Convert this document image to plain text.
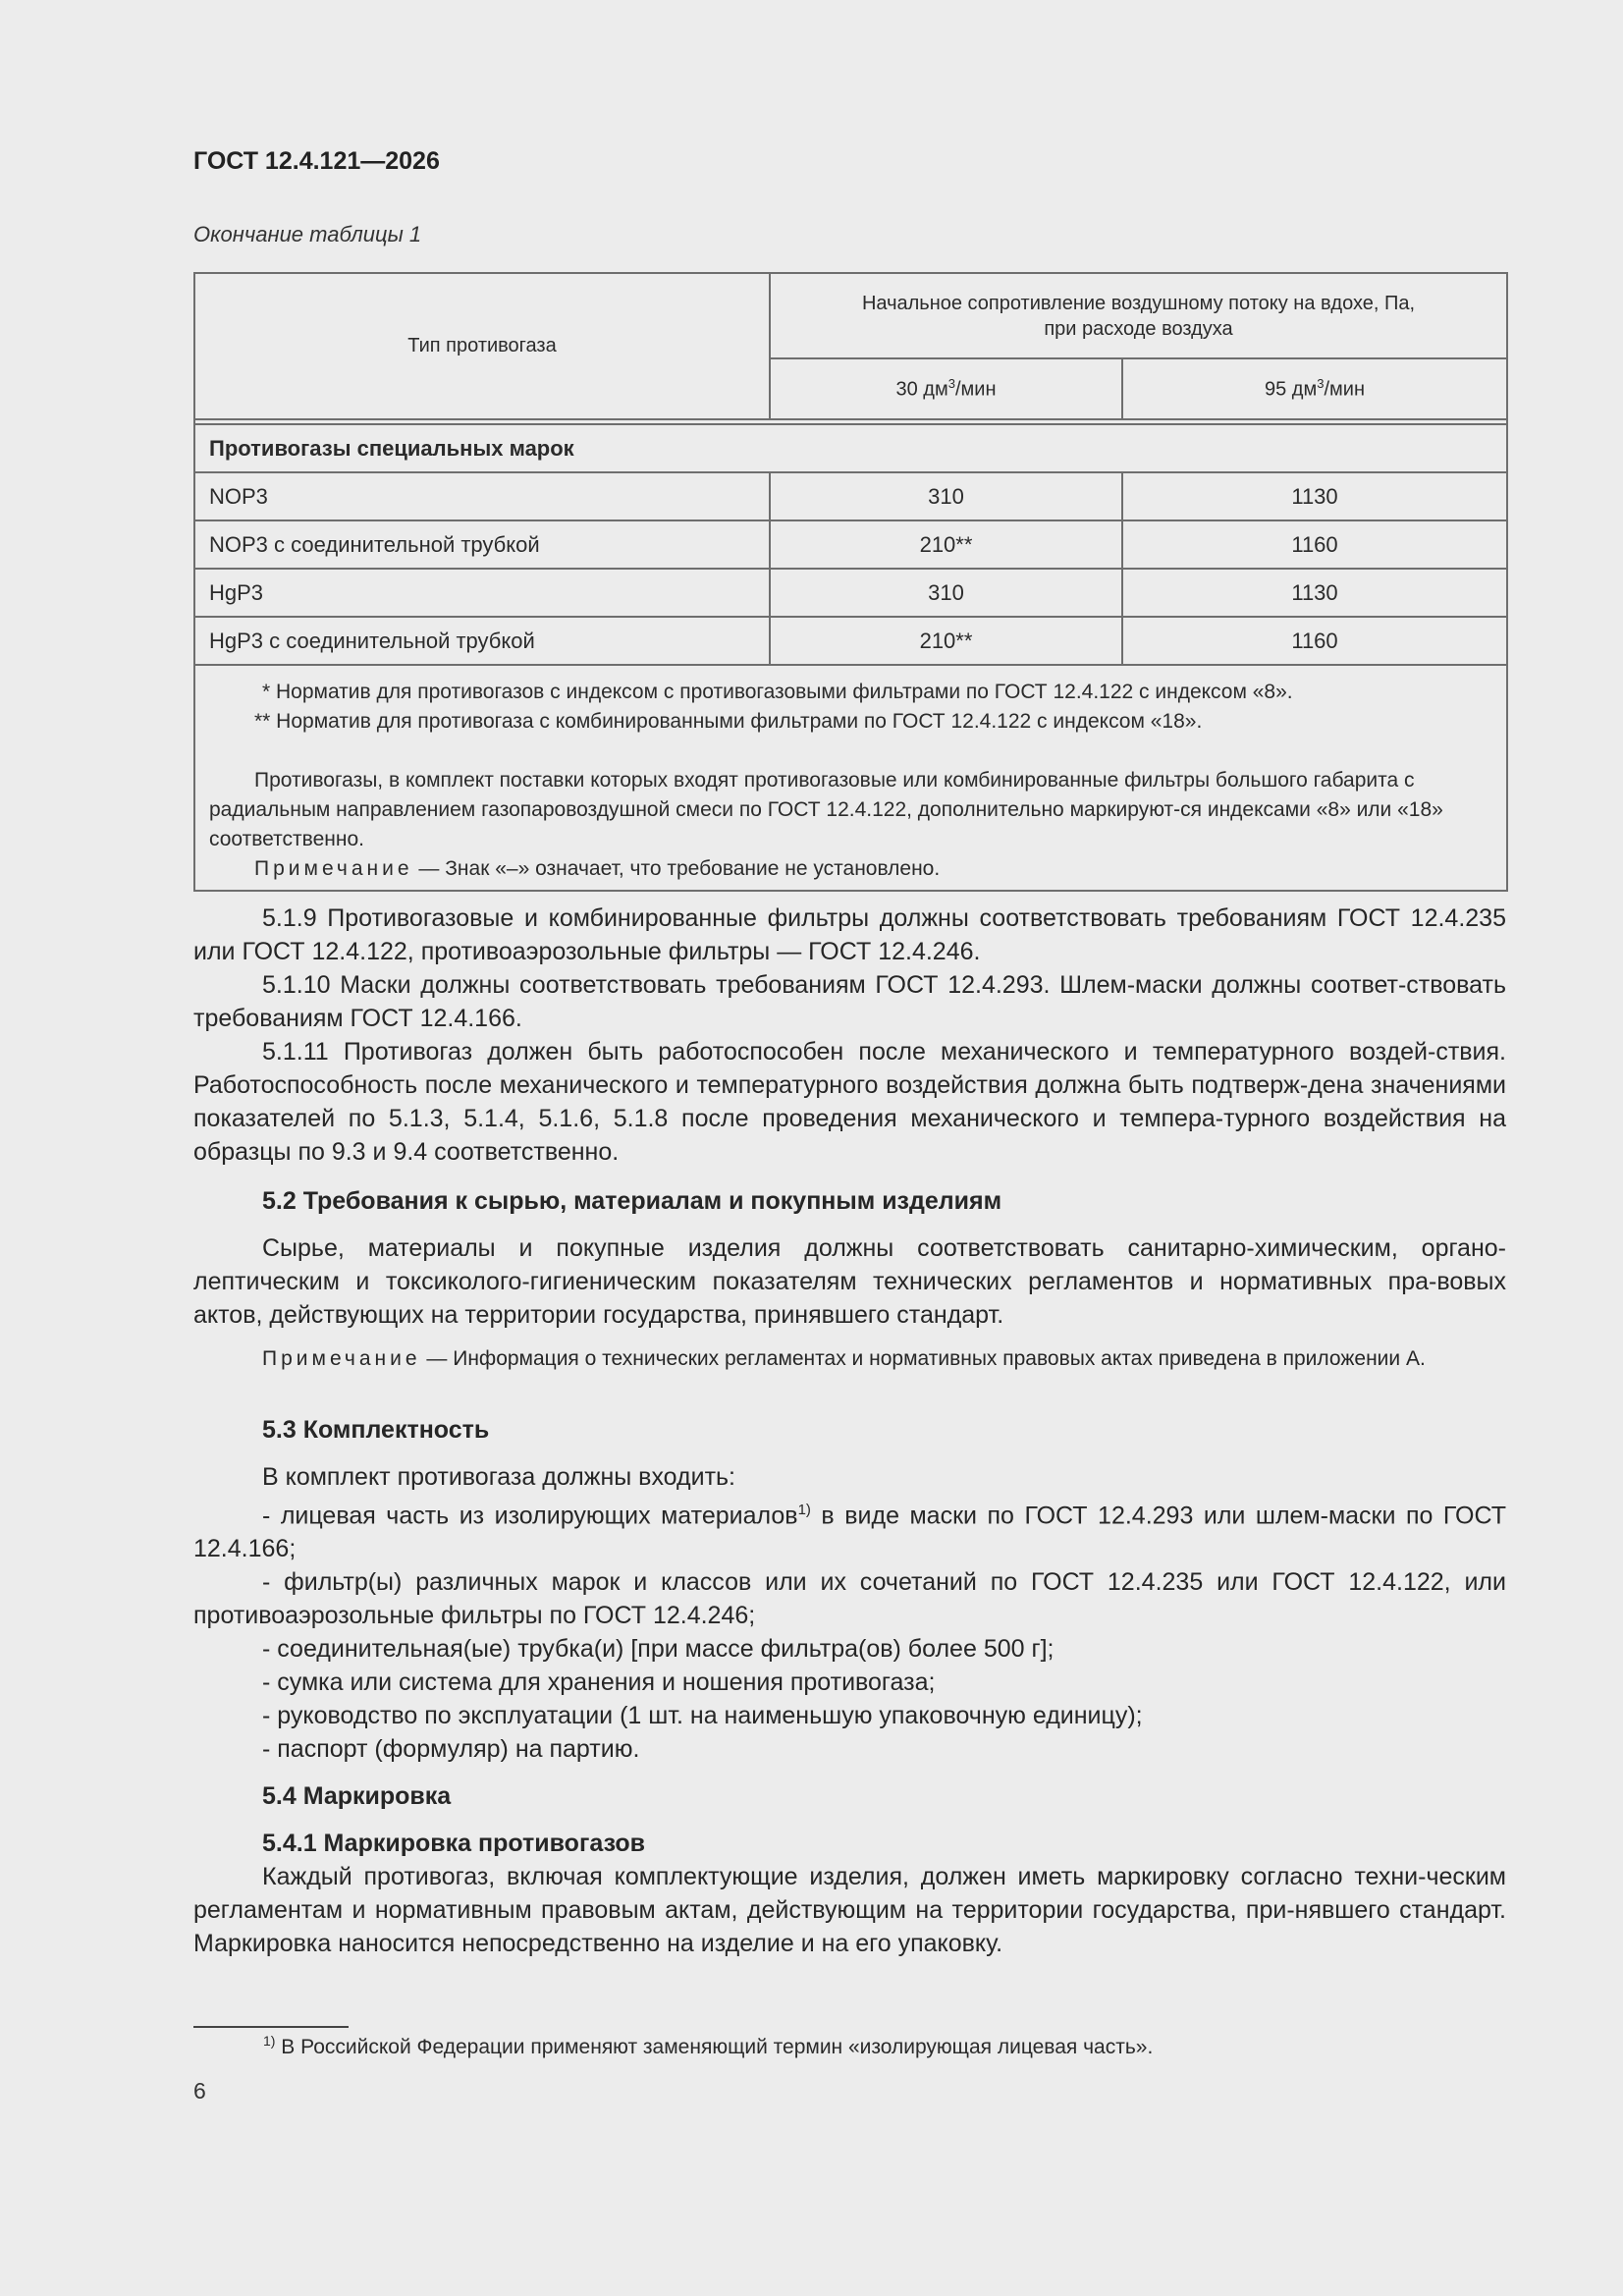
ГОСТ 12.4.121—2026
Окончание таблицы 1
Тип противогаза	Начальное сопротивление воздушному потоку на вдохе, Па,
при расходе воздуха	

	30 $дм^3$/мин	95 $дм^3$/мин

Противогазы специальных марок		
NOP3	310	1130
NOP3 с соединительной трубкой	210**	1160
HgP3	310	1130
HgP3 с соединительной трубкой	210**	1160

* Норматив для противогазов с индексом с противогазовыми фильтрами по ГОСТ 12.4.122 с индексом «8».

** Норматив для противогаза с комбинированными фильтрами по ГОСТ 12.4.122 с индексом «18».

Противогазы, в комплект поставки которых входят противогазовые или комбинированные фильтры большого габарита с радиальным направлением газопаровоздушной смеси по ГОСТ 12.4.122, дополнительно маркируют-ся индексами «8» или «18» соответственно.

Примечание — Знак «–» означает, что требование не установлено.		

5.1.9 Противогазовые и комбинированные фильтры должны соответствовать требованиям ГОСТ 12.4.235 или ГОСТ 12.4.122, противоаэрозольные фильтры — ГОСТ 12.4.246.

5.1.10 Маски должны соответствовать требованиям ГОСТ 12.4.293. Шлем-маски должны соответ-ствовать требованиям ГОСТ 12.4.166.

5.1.11 Противогаз должен быть работоспособен после механического и температурного воздей-ствия. Работоспособность после механического и температурного воздействия должна быть подтверж-дена значениями показателей по 5.1.3, 5.1.4, 5.1.6, 5.1.8 после проведения механического и темпера-турного воздействия на образцы по 9.3 и 9.4 соответственно.

5.2 Требования к сырью, материалам и покупным изделиям

Сырье, материалы и покупные изделия должны соответствовать санитарно-химическим, органо-лептическим и токсиколого-гигиеническим показателям технических регламентов и нормативных пра-вовых актов, действующих на территории государства, принявшего стандарт.

Примечание — Информация о технических регламентах и нормативных правовых актах приведена в приложении А.

5.3 Комплектность

В комплект противогаза должны входить:

- лицевая часть из изолирующих материалов$^{1)}$ в виде маски по ГОСТ 12.4.293 или шлем-маски по ГОСТ 12.4.166;

- фильтр(ы) различных марок и классов или их сочетаний по ГОСТ 12.4.235 или ГОСТ 12.4.122, или противоаэрозольные фильтры по ГОСТ 12.4.246;

- соединительная(ые) трубка(и) [при массе фильтра(ов) более 500 г];

- сумка или система для хранения и ношения противогаза;

- руководство по эксплуатации (1 шт. на наименьшую упаковочную единицу);

- паспорт (формуляр) на партию.

5.4 Маркировка

5.4.1 Маркировка противогазов

Каждый противогаз, включая комплектующие изделия, должен иметь маркировку согласно техни-ческим регламентам и нормативным правовым актам, действующим на территории государства, при-нявшего стандарт. Маркировка наносится непосредственно на изделие и на его упаковку.

$^{1)}$ В Российской Федерации применяют заменяющий термин «изолирующая лицевая часть».
6
